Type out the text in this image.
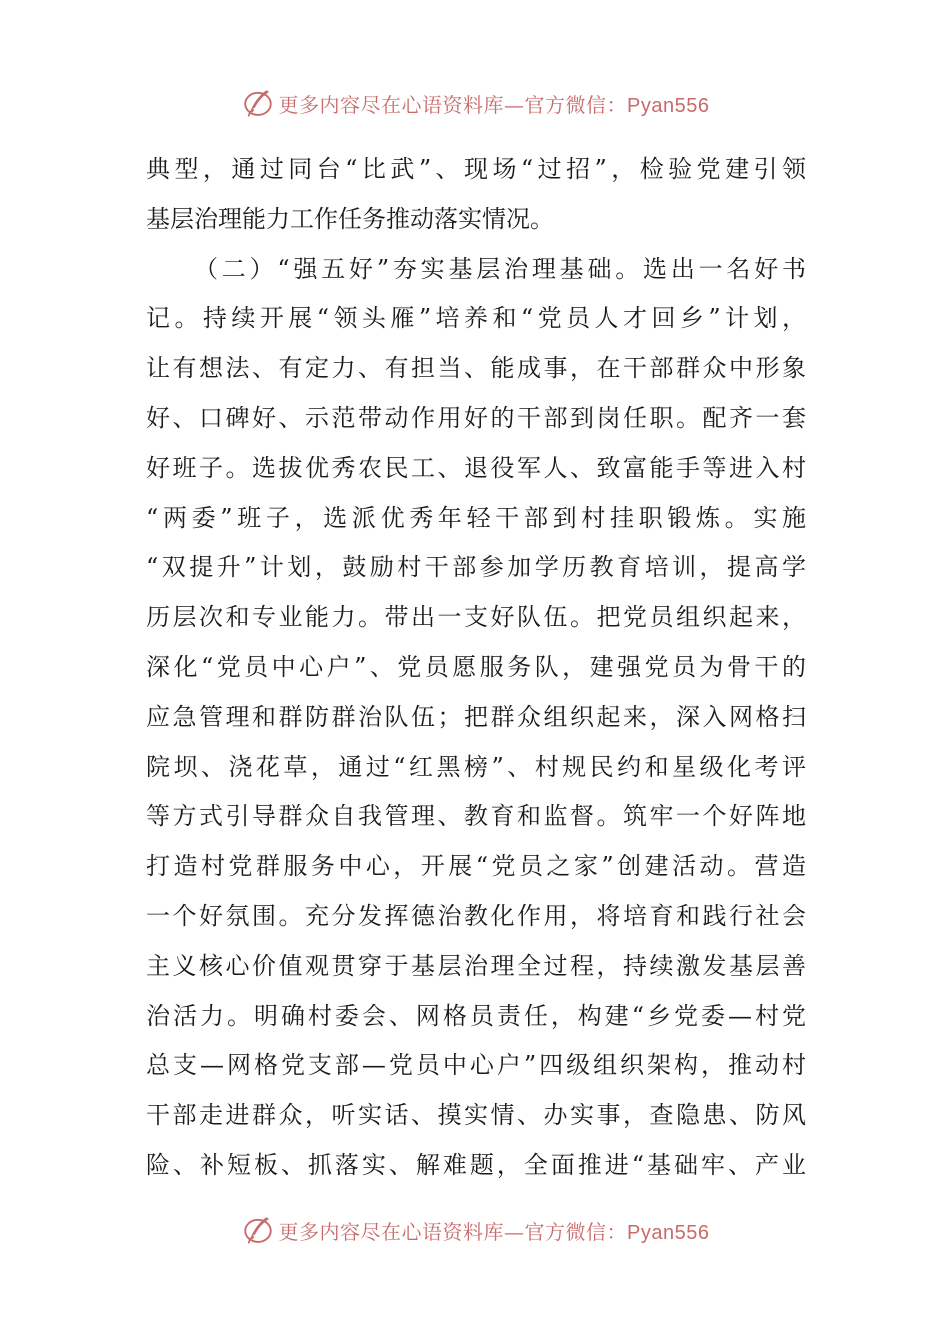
更多内容尽在心语资料库—官方微信：Pyan556
典型，通过同台“比武”、现场“过招”，检验党建引领
基层治理能力工作任务推动落实情况。
（二）“强五好”夯实基层治理基础。选出一名好书
记。持续开展“领头雁”培养和“党员人才回乡”计划，
让有想法、有定力、有担当、能成事，在干部群众中形象
好、口碑好、示范带动作用好的干部到岗任职。配齐一套
好班子。选拔优秀农民工、退役军人、致富能手等进入村
“两委”班子，选派优秀年轻干部到村挂职锻炼。实施
“双提升”计划，鼓励村干部参加学历教育培训，提高学
历层次和专业能力。带出一支好队伍。把党员组织起来，
深化“党员中心户”、党员愿服务队，建强党员为骨干的
应急管理和群防群治队伍；把群众组织起来，深入网格扫
院坝、浇花草，通过“红黑榜”、村规民约和星级化考评
等方式引导群众自我管理、教育和监督。筑牢一个好阵地
打造村党群服务中心，开展“党员之家”创建活动。营造
一个好氛围。充分发挥德治教化作用，将培育和践行社会
主义核心价值观贯穿于基层治理全过程，持续激发基层善
治活力。明确村委会、网格员责任，构建“乡党委—村党
总支—网格党支部—党员中心户”四级组织架构，推动村
干部走进群众，听实话、摸实情、办实事，查隐患、防风
险、补短板、抓落实、解难题，全面推进“基础牢、产业
更多内容尽在心语资料库—官方微信：Pyan556
